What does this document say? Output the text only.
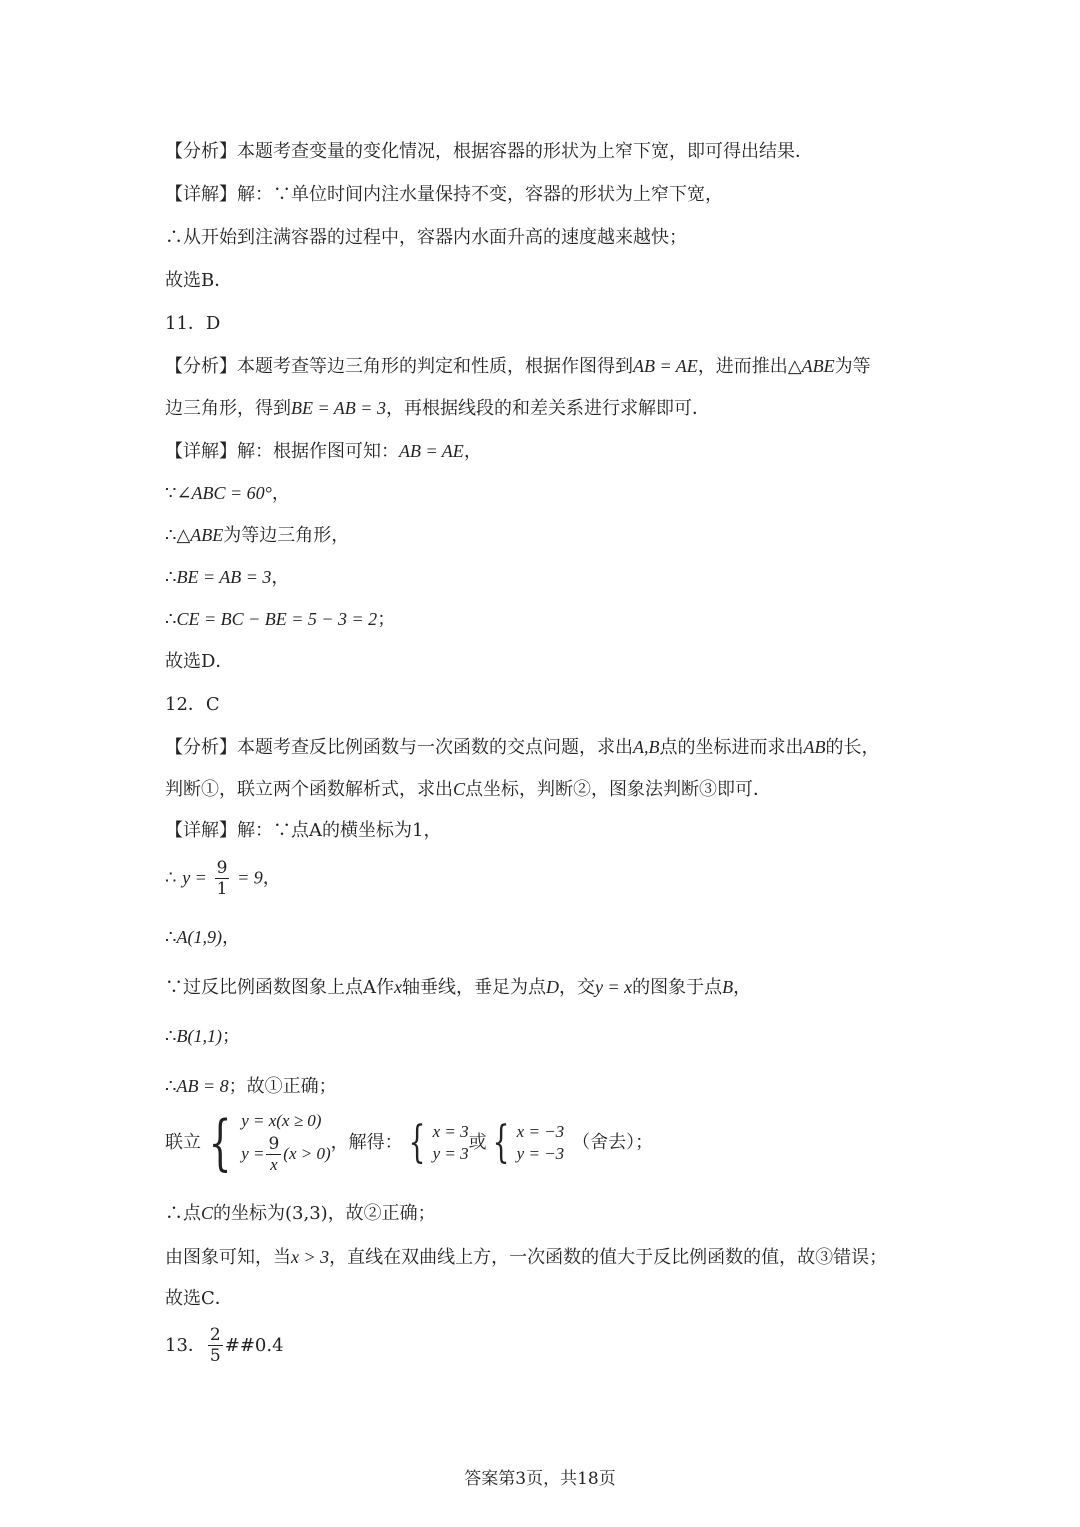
【分析】本题考查变量的变化情况，根据容器的形状为上窄下宽，即可得出结果．
【详解】解：∵单位时间内注水量保持不变，容器的形状为上窄下宽，
∴从开始到注满容器的过程中，容器内水面升高的速度越来越快；
故选B．
11．D
【分析】本题考查等边三角形的判定和性质，根据作图得到AB = AE，进而推出△ABE为等
边三角形，得到BE = AB = 3，再根据线段的和差关系进行求解即可．
【详解】解：根据作图可知：AB = AE，
∵∠ABC = 60°，
∴△ABE为等边三角形，
∴BE = AB = 3，
∴CE = BC − BE = 5 − 3 = 2；
故选D．
12．C
【分析】本题考查反比例函数与一次函数的交点问题，求出A,B点的坐标进而求出AB的长，
判断①，联立两个函数解析式，求出C点坐标，判断②，图象法判断③即可．
【详解】解：∵点A的横坐标为1，
∴ $y = \frac{9}{1} = 9$，
∴A(1,9)，
∵过反比例函数图象上点A作x轴垂线，垂足为点D，交y = x的图象于点B，
∴B(1,1)；
∴AB = 8；故①正确；
联立 { y = x(x ≥ 0)
$y = \frac{9}{x} (x > 0)$
，解得： { x = 3
y = 3
或 { x = −3
y = −3
（舍去）；
∴点C的坐标为(3,3)，故②正确；
由图象可知，当x > 3，直线在双曲线上方，一次函数的值大于反比例函数的值，故③错误；
故选C．
13． $\frac{2}{5}$ ##0.4
答案第3页，共18页
